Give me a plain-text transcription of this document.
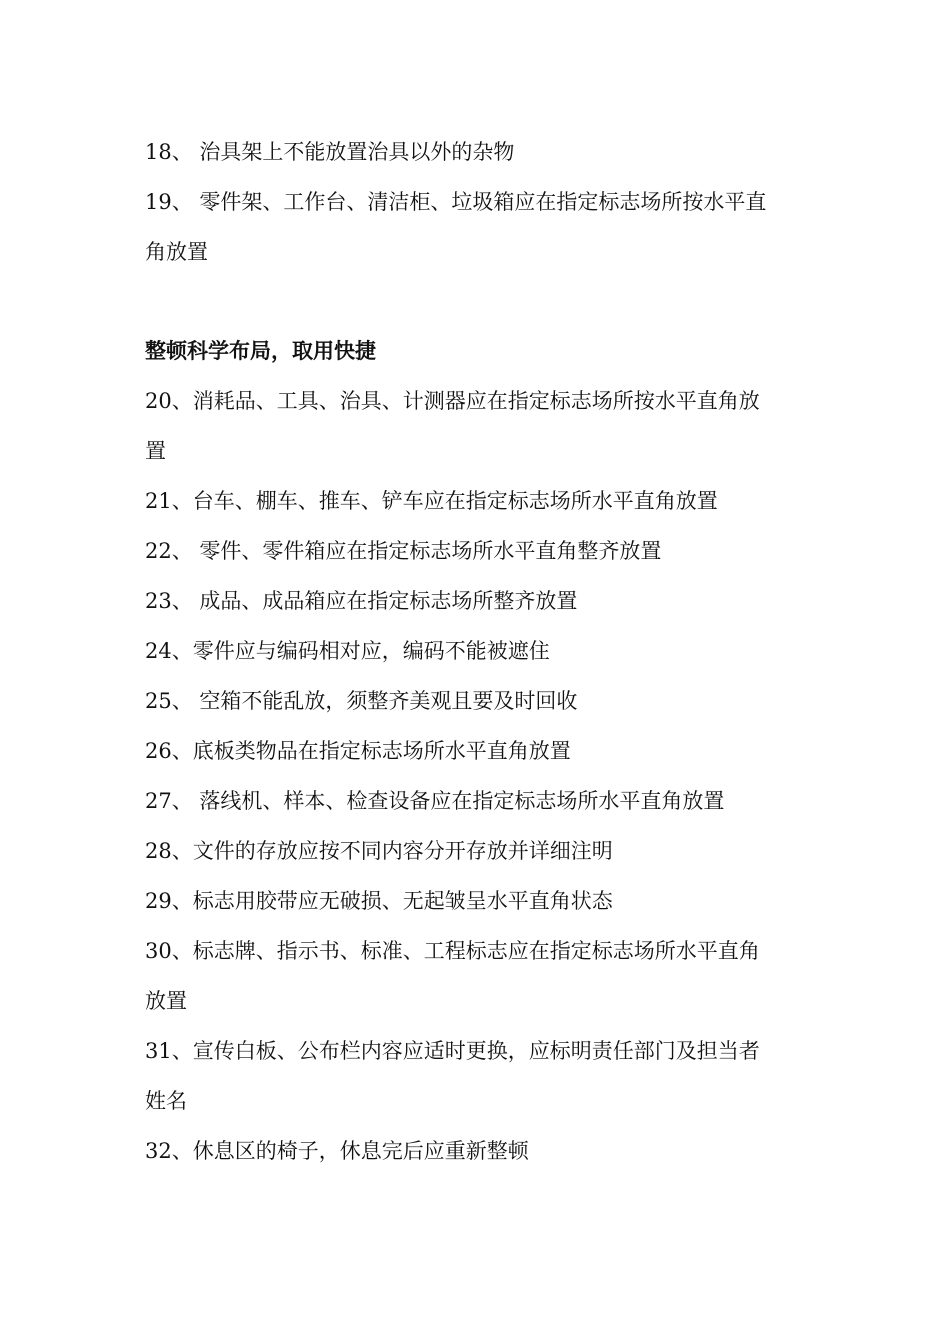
18、 治具架上不能放置治具以外的杂物
19、 零件架、工作台、清洁柜、垃圾箱应在指定标志场所按水平直
角放置
整顿科学布局，取用快捷
20、消耗品、工具、治具、计测器应在指定标志场所按水平直角放
置
21、台车、棚车、推车、铲车应在指定标志场所水平直角放置
22、 零件、零件箱应在指定标志场所水平直角整齐放置
23、 成品、成品箱应在指定标志场所整齐放置
24、零件应与编码相对应，编码不能被遮住
25、 空箱不能乱放，须整齐美观且要及时回收
26、底板类物品在指定标志场所水平直角放置
27、 落线机、样本、检查设备应在指定标志场所水平直角放置
28、文件的存放应按不同内容分开存放并详细注明
29、标志用胶带应无破损、无起皱呈水平直角状态
30、标志牌、指示书、标准、工程标志应在指定标志场所水平直角
放置
31、宣传白板、公布栏内容应适时更换，应标明责任部门及担当者
姓名
32、休息区的椅子，休息完后应重新整顿
